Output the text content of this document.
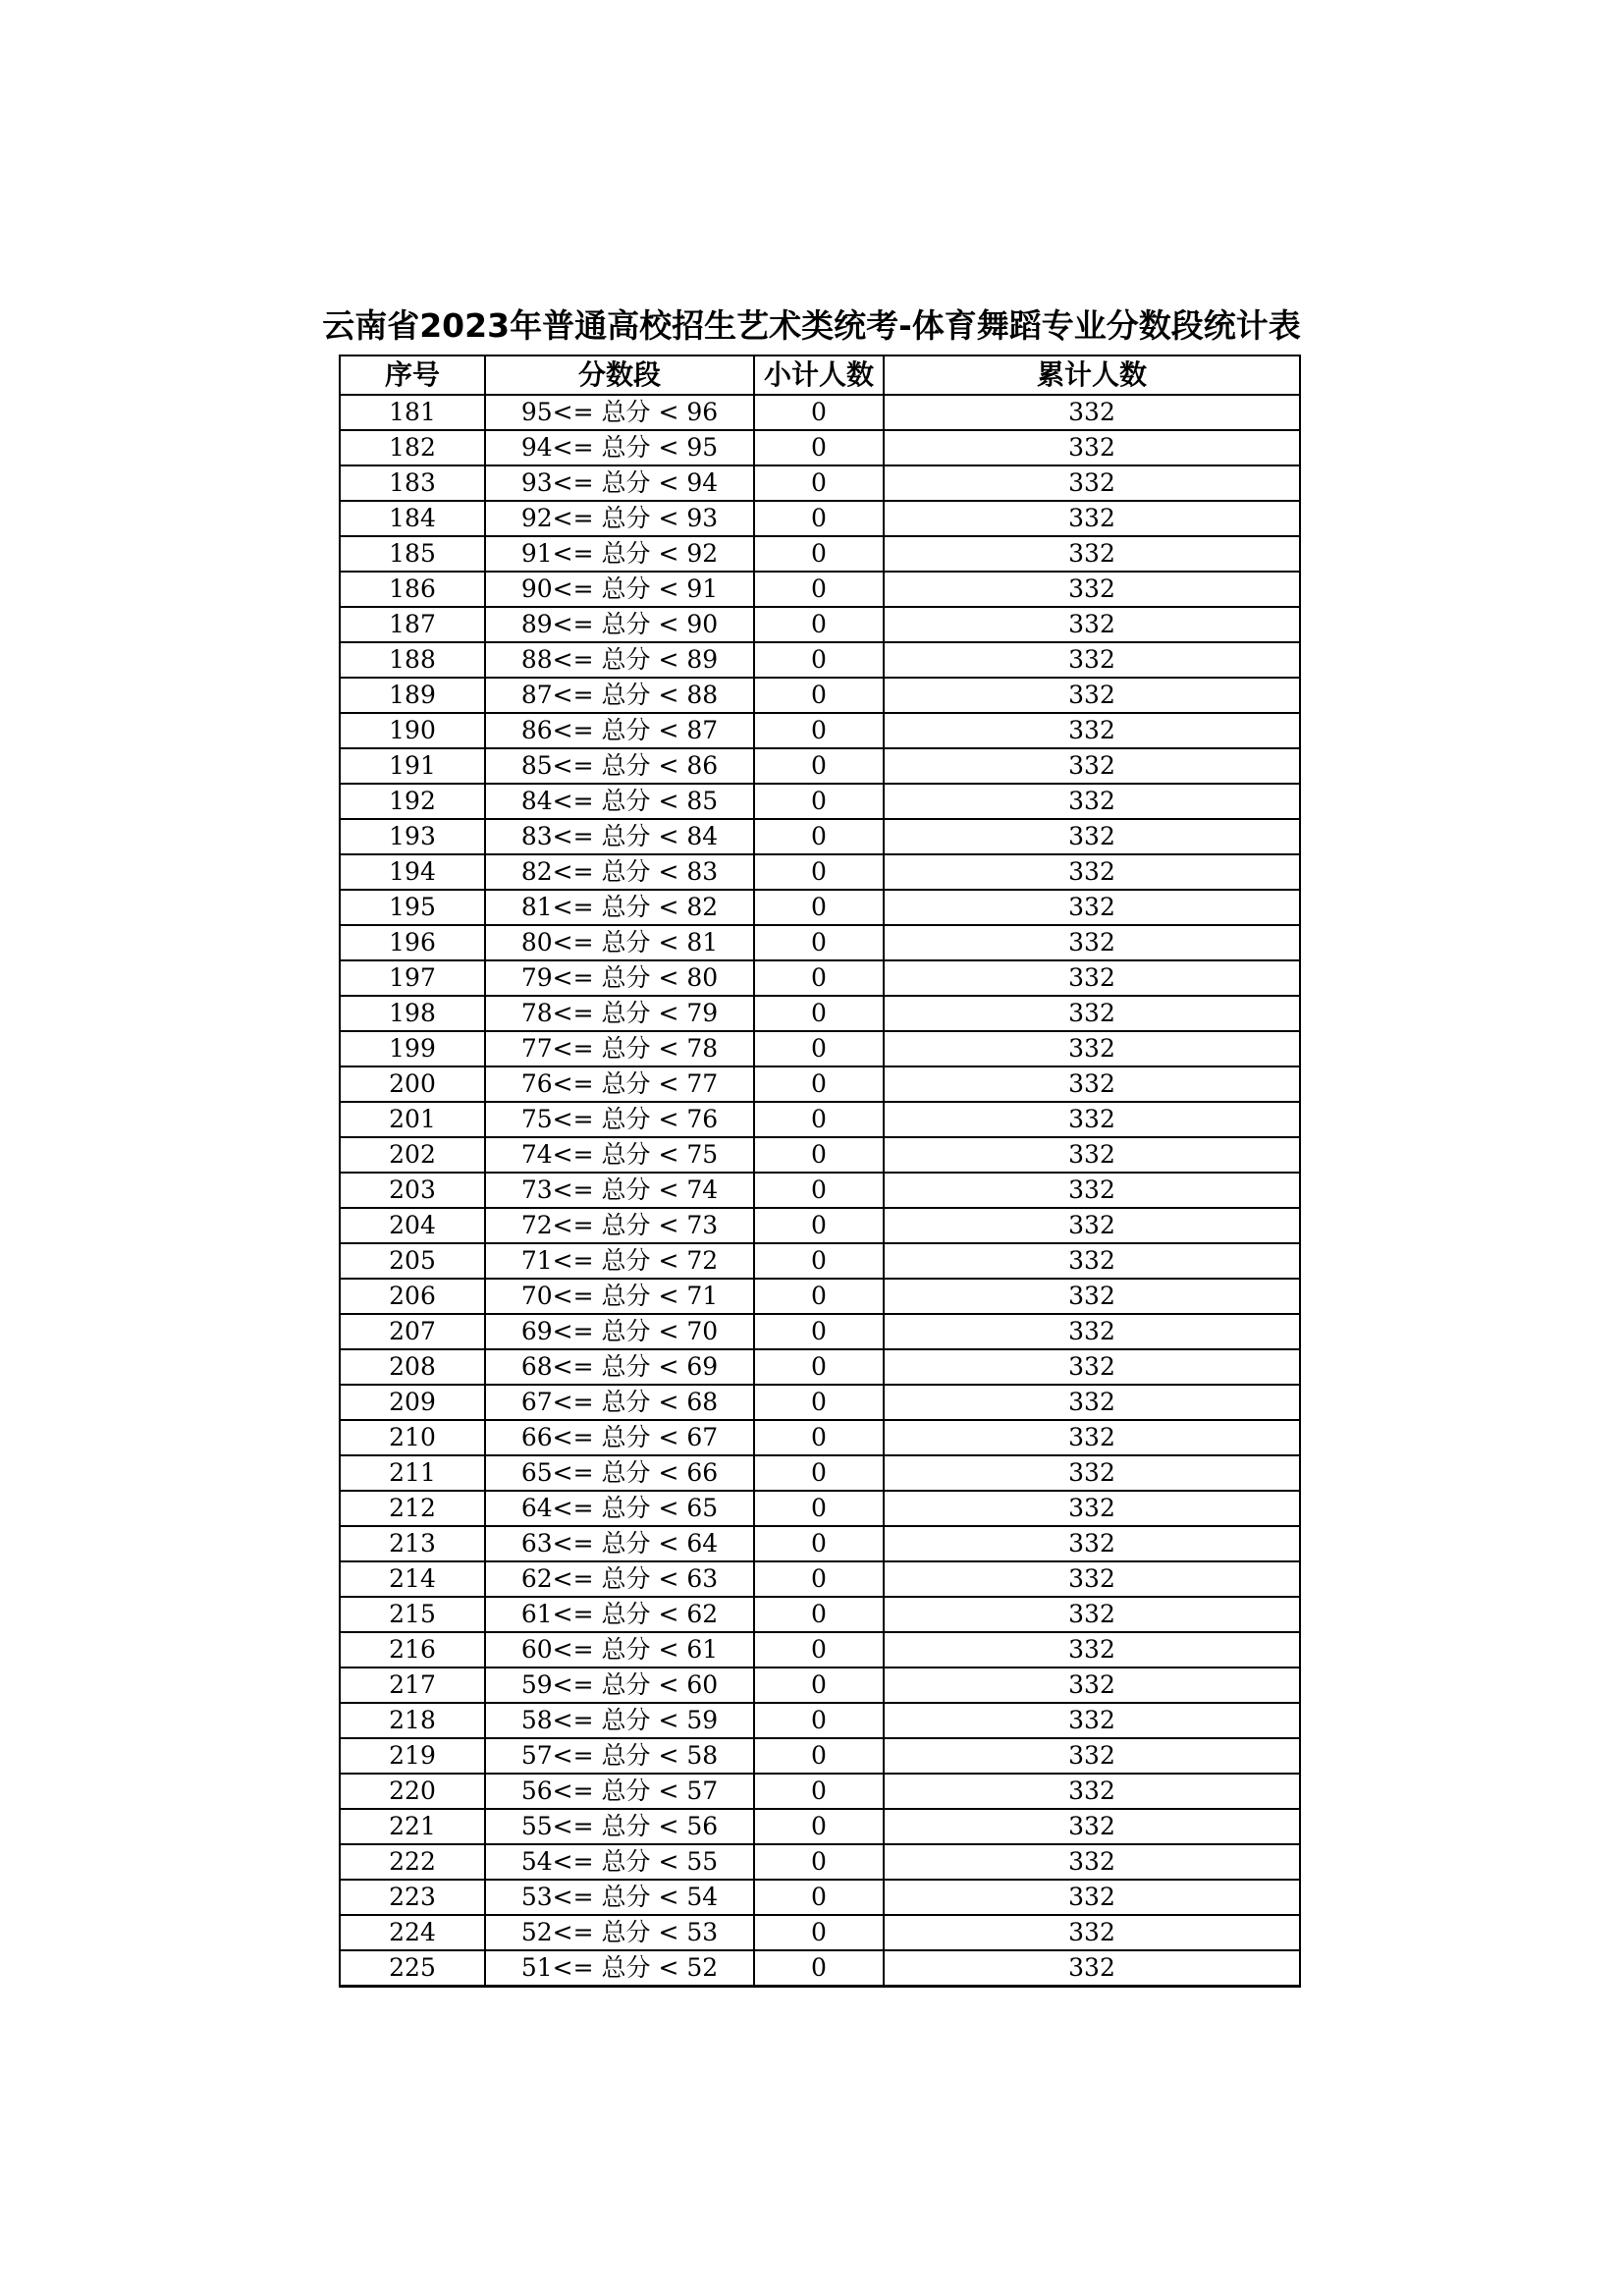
云南省2023年普通高校招生艺术类统考-体育舞蹈专业分数段统计表
序号	分数段	小计人数	累计人数
181	95<= 总分 < 96	0	332
182	94<= 总分 < 95	0	332
183	93<= 总分 < 94	0	332
184	92<= 总分 < 93	0	332
185	91<= 总分 < 92	0	332
186	90<= 总分 < 91	0	332
187	89<= 总分 < 90	0	332
188	88<= 总分 < 89	0	332
189	87<= 总分 < 88	0	332
190	86<= 总分 < 87	0	332
191	85<= 总分 < 86	0	332
192	84<= 总分 < 85	0	332
193	83<= 总分 < 84	0	332
194	82<= 总分 < 83	0	332
195	81<= 总分 < 82	0	332
196	80<= 总分 < 81	0	332
197	79<= 总分 < 80	0	332
198	78<= 总分 < 79	0	332
199	77<= 总分 < 78	0	332
200	76<= 总分 < 77	0	332
201	75<= 总分 < 76	0	332
202	74<= 总分 < 75	0	332
203	73<= 总分 < 74	0	332
204	72<= 总分 < 73	0	332
205	71<= 总分 < 72	0	332
206	70<= 总分 < 71	0	332
207	69<= 总分 < 70	0	332
208	68<= 总分 < 69	0	332
209	67<= 总分 < 68	0	332
210	66<= 总分 < 67	0	332
211	65<= 总分 < 66	0	332
212	64<= 总分 < 65	0	332
213	63<= 总分 < 64	0	332
214	62<= 总分 < 63	0	332
215	61<= 总分 < 62	0	332
216	60<= 总分 < 61	0	332
217	59<= 总分 < 60	0	332
218	58<= 总分 < 59	0	332
219	57<= 总分 < 58	0	332
220	56<= 总分 < 57	0	332
221	55<= 总分 < 56	0	332
222	54<= 总分 < 55	0	332
223	53<= 总分 < 54	0	332
224	52<= 总分 < 53	0	332
225	51<= 总分 < 52	0	332
